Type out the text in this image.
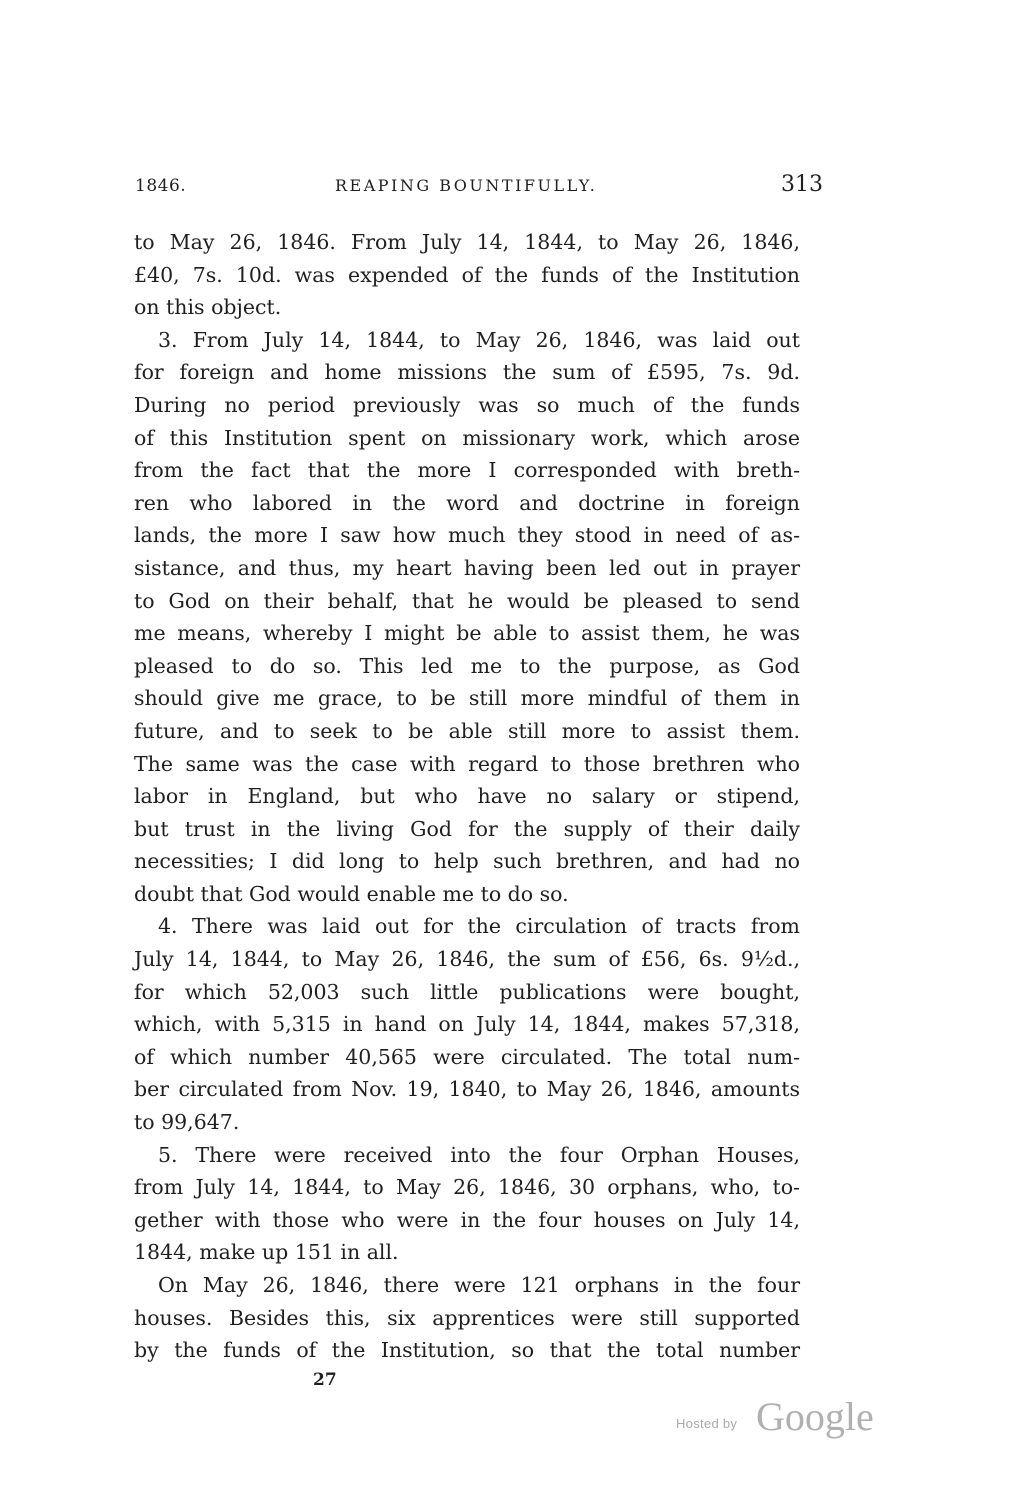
1846.	REAPING BOUNTIFULLY.	313
to May 26, 1846. From July 14, 1844, to May 26, 1846,
£40, 7s. 10d. was expended of the funds of the Institution
on this object.
3. From July 14, 1844, to May 26, 1846, was laid out
for foreign and home missions the sum of £595, 7s. 9d.
During no period previously was so much of the funds
of this Institution spent on missionary work, which arose
from the fact that the more I corresponded with breth-
ren who labored in the word and doctrine in foreign
lands, the more I saw how much they stood in need of as-
sistance, and thus, my heart having been led out in prayer
to God on their behalf, that he would be pleased to send
me means, whereby I might be able to assist them, he was
pleased to do so. This led me to the purpose, as God
should give me grace, to be still more mindful of them in
future, and to seek to be able still more to assist them.
The same was the case with regard to those brethren who
labor in England, but who have no salary or stipend,
but trust in the living God for the supply of their daily
necessities; I did long to help such brethren, and had no
doubt that God would enable me to do so.
4. There was laid out for the circulation of tracts from
July 14, 1844, to May 26, 1846, the sum of £56, 6s. 9½d.,
for which 52,003 such little publications were bought,
which, with 5,315 in hand on July 14, 1844, makes 57,318,
of which number 40,565 were circulated. The total num-
ber circulated from Nov. 19, 1840, to May 26, 1846, amounts
to 99,647.
5. There were received into the four Orphan Houses,
from July 14, 1844, to May 26, 1846, 30 orphans, who, to-
gether with those who were in the four houses on July 14,
1844, make up 151 in all.
On May 26, 1846, there were 121 orphans in the four
houses. Besides this, six apprentices were still supported
by the funds of the Institution, so that the total number
27
Hosted by Google
